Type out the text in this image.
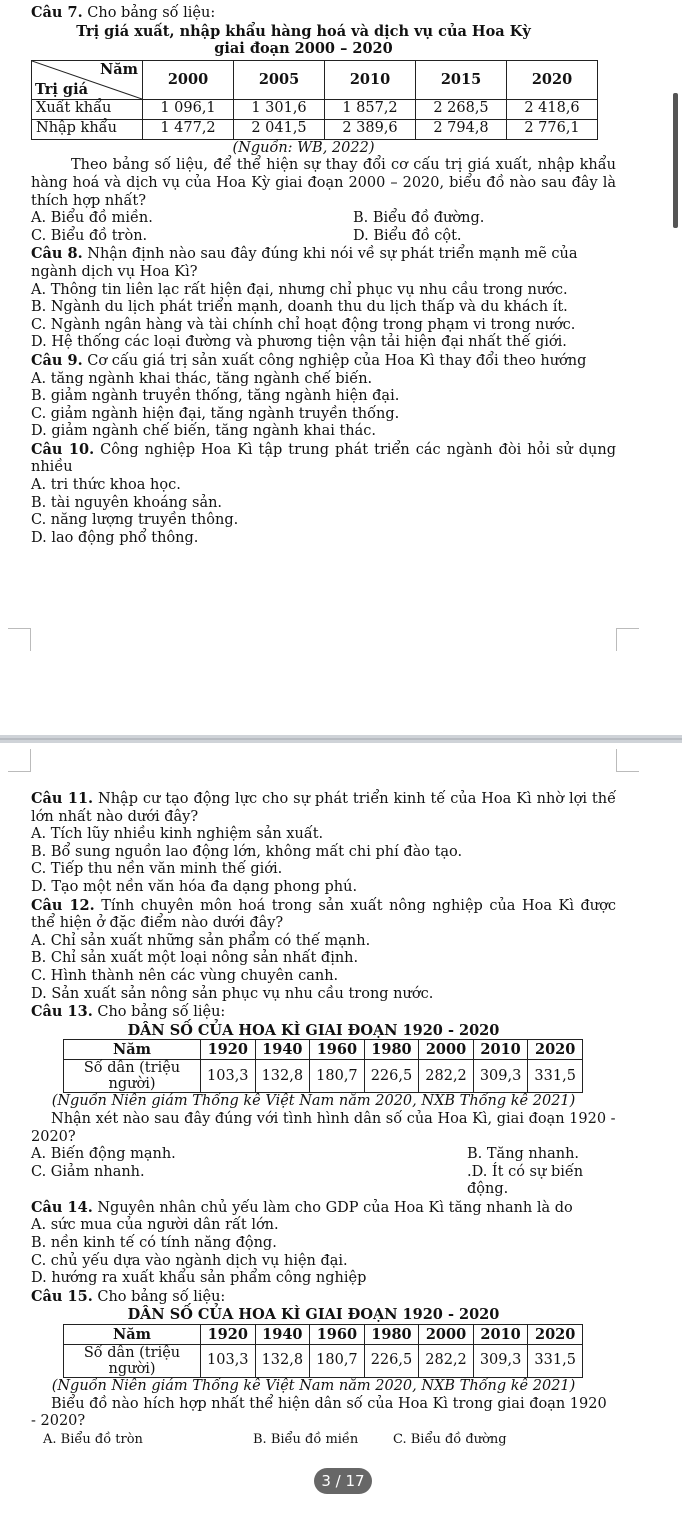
Câu 7. Cho bảng số liệu:

Trị giá xuất, nhập khẩu hàng hoá và dịch vụ của Hoa Kỳ

giai đoạn 2000 – 2020

Năm
Trị giá	2000	2005	2010	2015	2020
Xuất khẩu	1 096,1	1 301,6	1 857,2	2 268,5	2 418,6
Nhập khẩu	1 477,2	2 041,5	2 389,6	2 794,8	2 776,1

(Nguồn: WB, 2022)

Theo bảng số liệu, để thể hiện sự thay đổi cơ cấu trị giá xuất, nhập khẩu hàng hoá và dịch vụ của Hoa Kỳ giai đoạn 2000 – 2020, biểu đồ nào sau đây là thích hợp nhất?

A. Biểu đồ miền.	B. Biểu đồ đường.

C. Biểu đồ tròn.	D. Biểu đồ cột.

Câu 8. Nhận định nào sau đây đúng khi nói về sự phát triển mạnh mẽ của ngành dịch vụ Hoa Kì?

A. Thông tin liên lạc rất hiện đại, nhưng chỉ phục vụ nhu cầu trong nước.

B. Ngành du lịch phát triển mạnh, doanh thu du lịch thấp và du khách ít.

C. Ngành ngân hàng và tài chính chỉ hoạt động trong phạm vi trong nước.

D. Hệ thống các loại đường và phương tiện vận tải hiện đại nhất thế giới.

Câu 9. Cơ cấu giá trị sản xuất công nghiệp của Hoa Kì thay đổi theo hướng

A. tăng ngành khai thác, tăng ngành chế biến.

B. giảm ngành truyền thống, tăng ngành hiện đại.

C. giảm ngành hiện đại, tăng ngành truyền thống.

D. giảm ngành chế biến, tăng ngành khai thác.

Câu 10. Công nghiệp Hoa Kì tập trung phát triển các ngành đòi hỏi sử dụng nhiều

A. tri thức khoa học.

B. tài nguyên khoáng sản.

C. năng lượng truyền thông.

D. lao động phổ thông.

Câu 11. Nhập cư tạo động lực cho sự phát triển kinh tế của Hoa Kì nhờ lợi thế lớn nhất nào dưới đây?

A. Tích lũy nhiều kinh nghiệm sản xuất.

B. Bổ sung nguồn lao động lớn, không mất chi phí đào tạo.

C. Tiếp thu nền văn minh thế giới.

D. Tạo một nền văn hóa đa dạng phong phú.

Câu 12. Tính chuyên môn hoá trong sản xuất nông nghiệp của Hoa Kì được thể hiện ở đặc điểm nào dưới đây?

A. Chỉ sản xuất những sản phẩm có thế mạnh.

B. Chỉ sản xuất một loại nông sản nhất định.

C. Hình thành nên các vùng chuyên canh.

D. Sản xuất sản nông sản phục vụ nhu cầu trong nước.

Câu 13. Cho bảng số liệu:

DÂN SỐ CỦA HOA KÌ GIAI ĐOẠN 1920 - 2020

Năm	1920	1940	1960	1980	2000	2010	2020
Số dân (triệu người)	103,3	132,8	180,7	226,5	282,2	309,3	331,5

(Nguồn Niên giám Thống kê Việt Nam năm 2020, NXB Thống kê 2021)

Nhận xét nào sau đây đúng với tình hình dân số của Hoa Kì, giai đoạn 1920 - 2020?

A. Biến động mạnh.	B. Tăng nhanh.

C. Giảm nhanh.	.D. Ít có sự biến động.

Câu 14. Nguyên nhân chủ yếu làm cho GDP của Hoa Kì tăng nhanh là do

A. sức mua của người dân rất lớn.

B. nền kinh tế có tính năng động.

C. chủ yếu dựa vào ngành dịch vụ hiện đại.

D. hướng ra xuất khẩu sản phẩm công nghiệp

Câu 15. Cho bảng số liệu:

DÂN SỐ CỦA HOA KÌ GIAI ĐOẠN 1920 - 2020

Năm	1920	1940	1960	1980	2000	2010	2020
Số dân (triệu người)	103,3	132,8	180,7	226,5	282,2	309,3	331,5

(Nguồn Niên giám Thống kê Việt Nam năm 2020, NXB Thống kê 2021)

Biểu đồ nào hích hợp nhất thể hiện dân số của Hoa Kì trong giai đoạn 1920 - 2020?

A. Biểu đồ tròn	B. Biểu đồ miền	C. Biểu đồ đường

3 / 17
